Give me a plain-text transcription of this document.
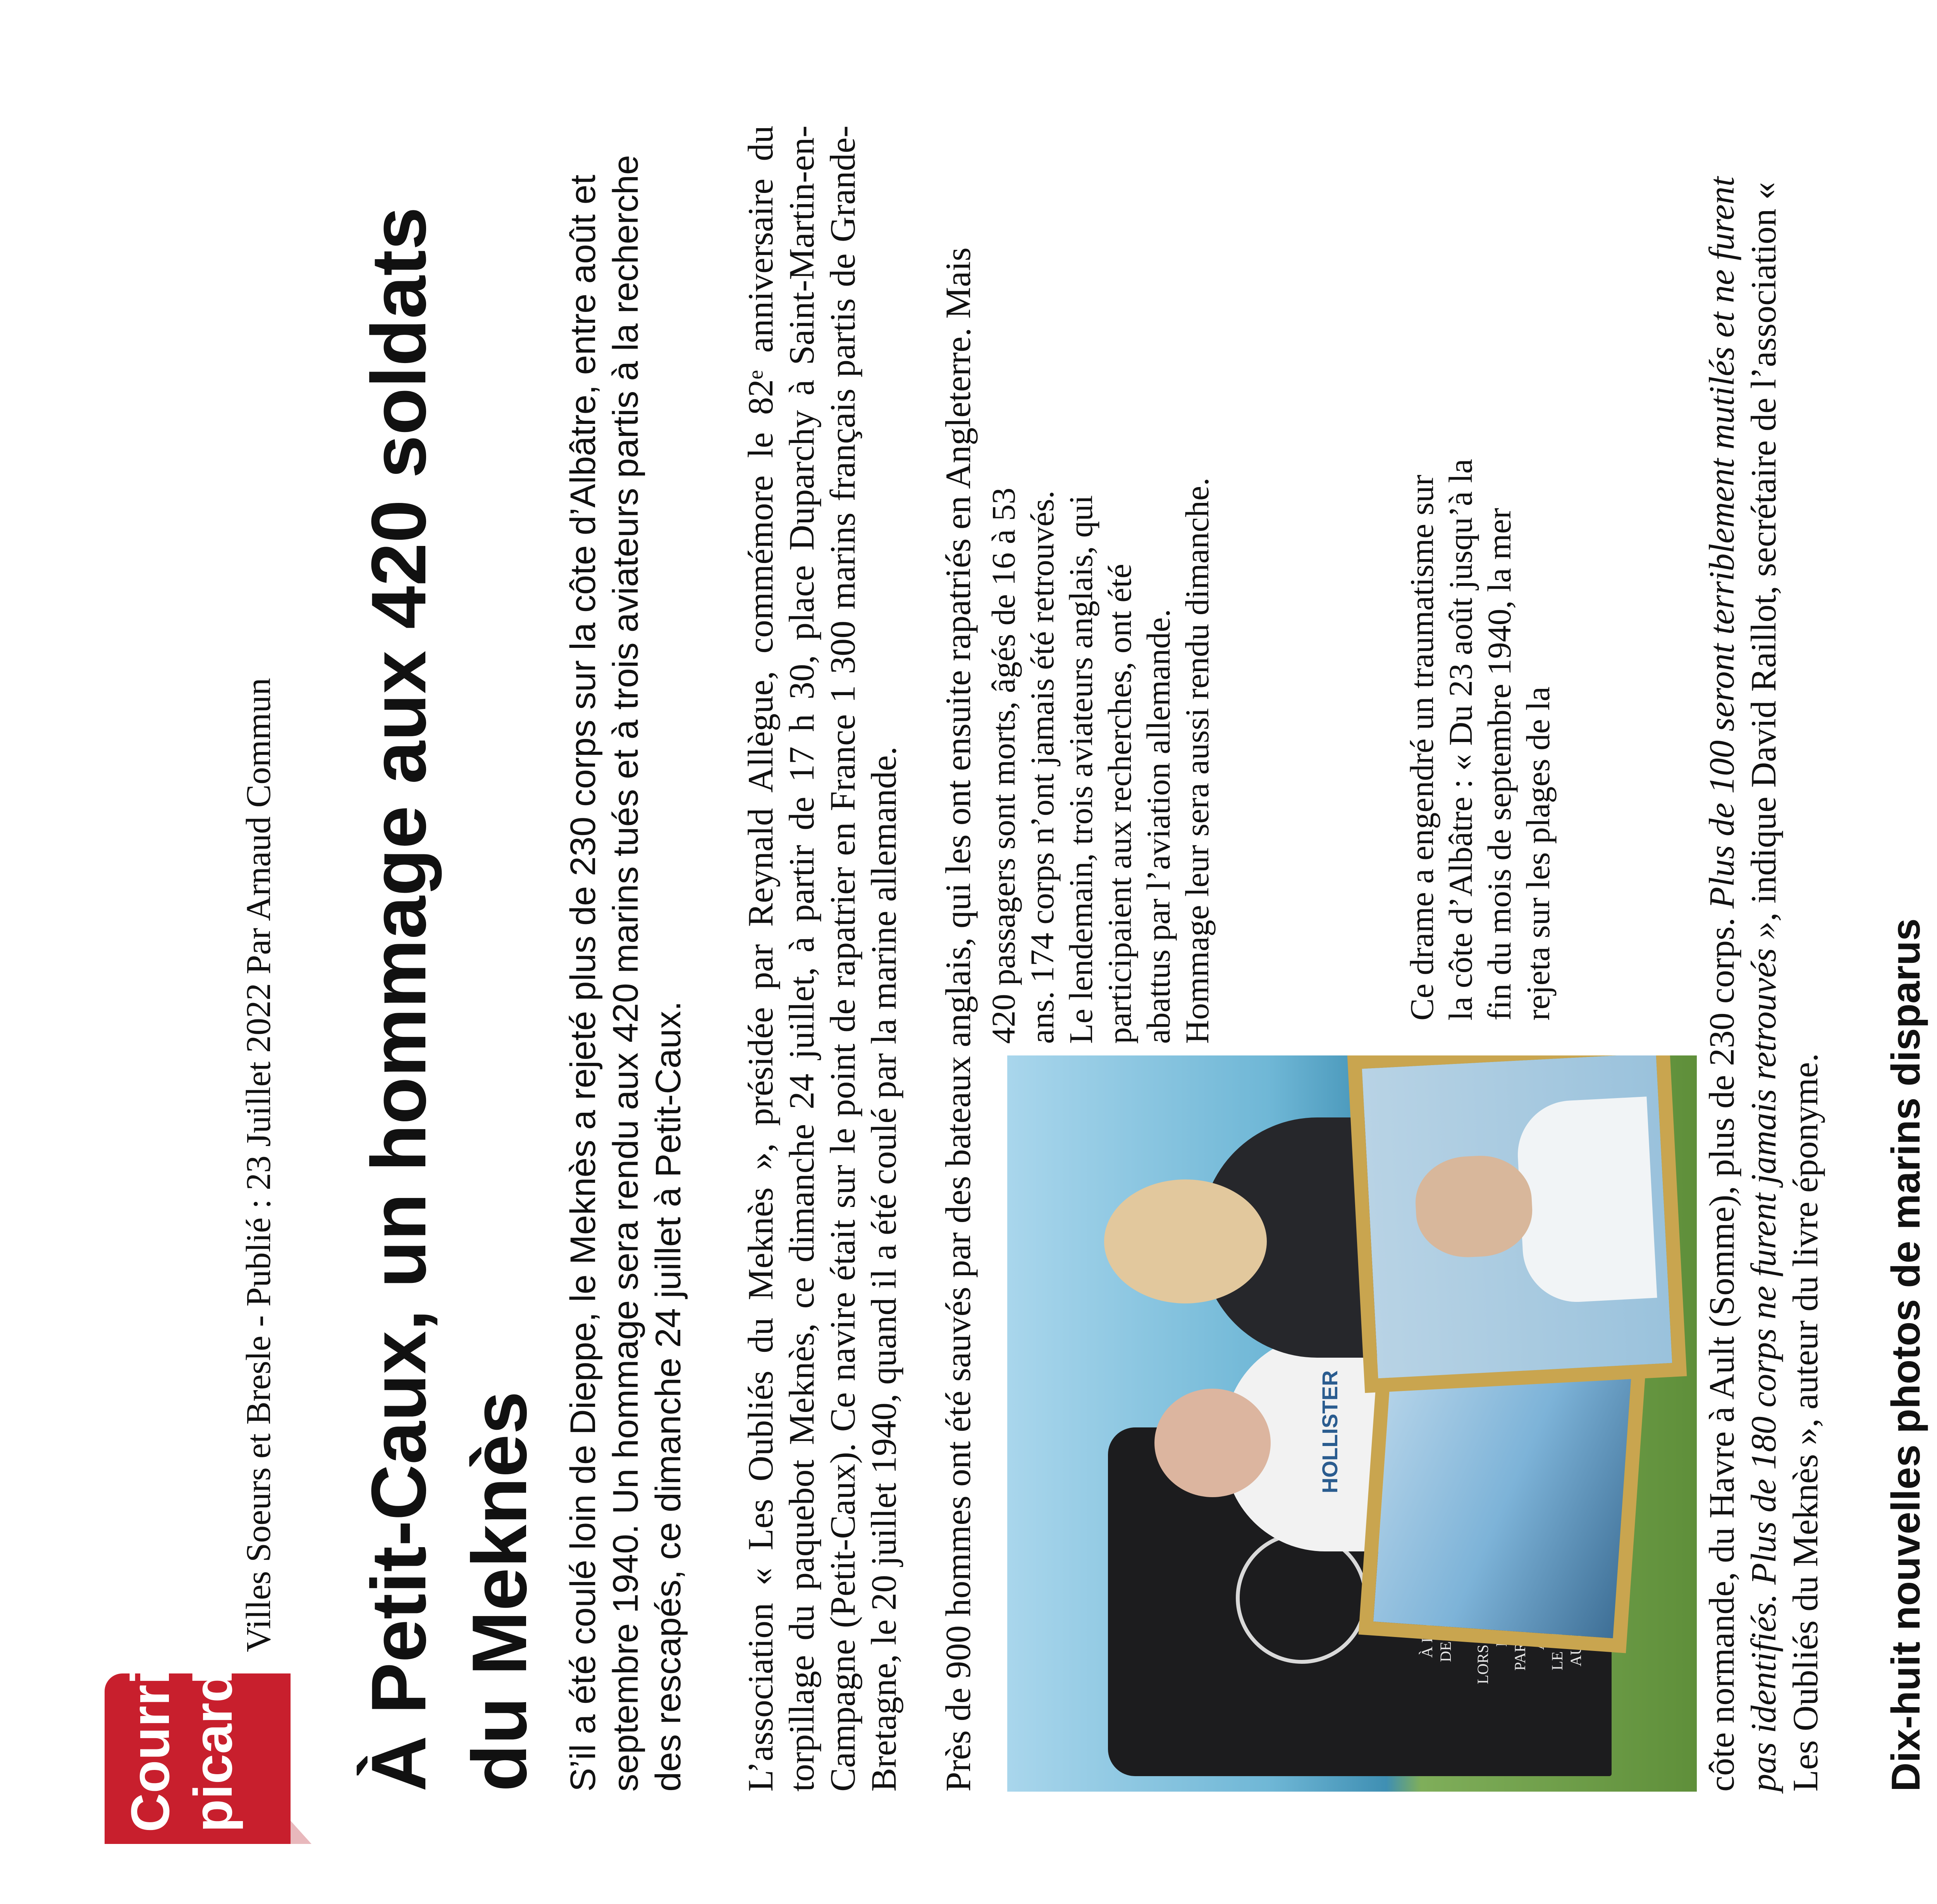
Courrier picard
Villes Soeurs et Bresle - Publié : 23 Juillet 2022 Par Arnaud Commun À Petit-Caux, un hommage aux 420 soldats du Meknès S’il a été coulé loin de Dieppe, le Meknès a rejeté plus de 230 corps sur la côte d’Albâtre, entre août et septembre 1940. Un hommage sera rendu aux 420 marins tués et à trois aviateurs partis à la recherche des rescapés, ce dimanche 24 juillet à Petit-Caux. L’association « Les Oubliés du Meknès », présidée par Reynald Allègue, commémore le 82ᵉ anniversaire du torpillage du paquebot Meknès, ce dimanche 24 juillet, à partir de 17 h 30, place Duparchy à Saint-Martin-en-Campagne (Petit-Caux). Ce navire était sur le point de rapatrier en France 1 300 marins français partis de Grande-Bretagne, le 20 juillet 1940, quand il a été coulé par la marine allemande. Près de 900 hommes ont été sauvés par des bateaux anglais, qui les ont ensuite rapatriés en Angleterre. Mais 420 passagers sont morts, âgés de 16 à 53 ans. 174 corps n’ont jamais été retrouvés. Le lendemain, trois aviateurs anglais, qui participaient aux recherches, ont été abattus par l’aviation allemande. Hommage leur sera aussi rendu dimanche.	Ce drame a engendré un traumatisme sur la côte d’Albâtre : « Du 23 août jusqu’à la fin du mois de septembre 1940, la mer rejeta sur les plages de la

HOLLISTER	côte normande, du Havre à Ault (Somme), plus de 230 corps. Plus de 100 seront terriblement mutilés et ne furent pas identifiés. Plus de 180 corps ne furent jamais retrouvés », indique David Raillot, secrétaire de l’association « Les Oubliés du Meknès », auteur du livre éponyme. Dix-huit nouvelles photos de marins disparus
